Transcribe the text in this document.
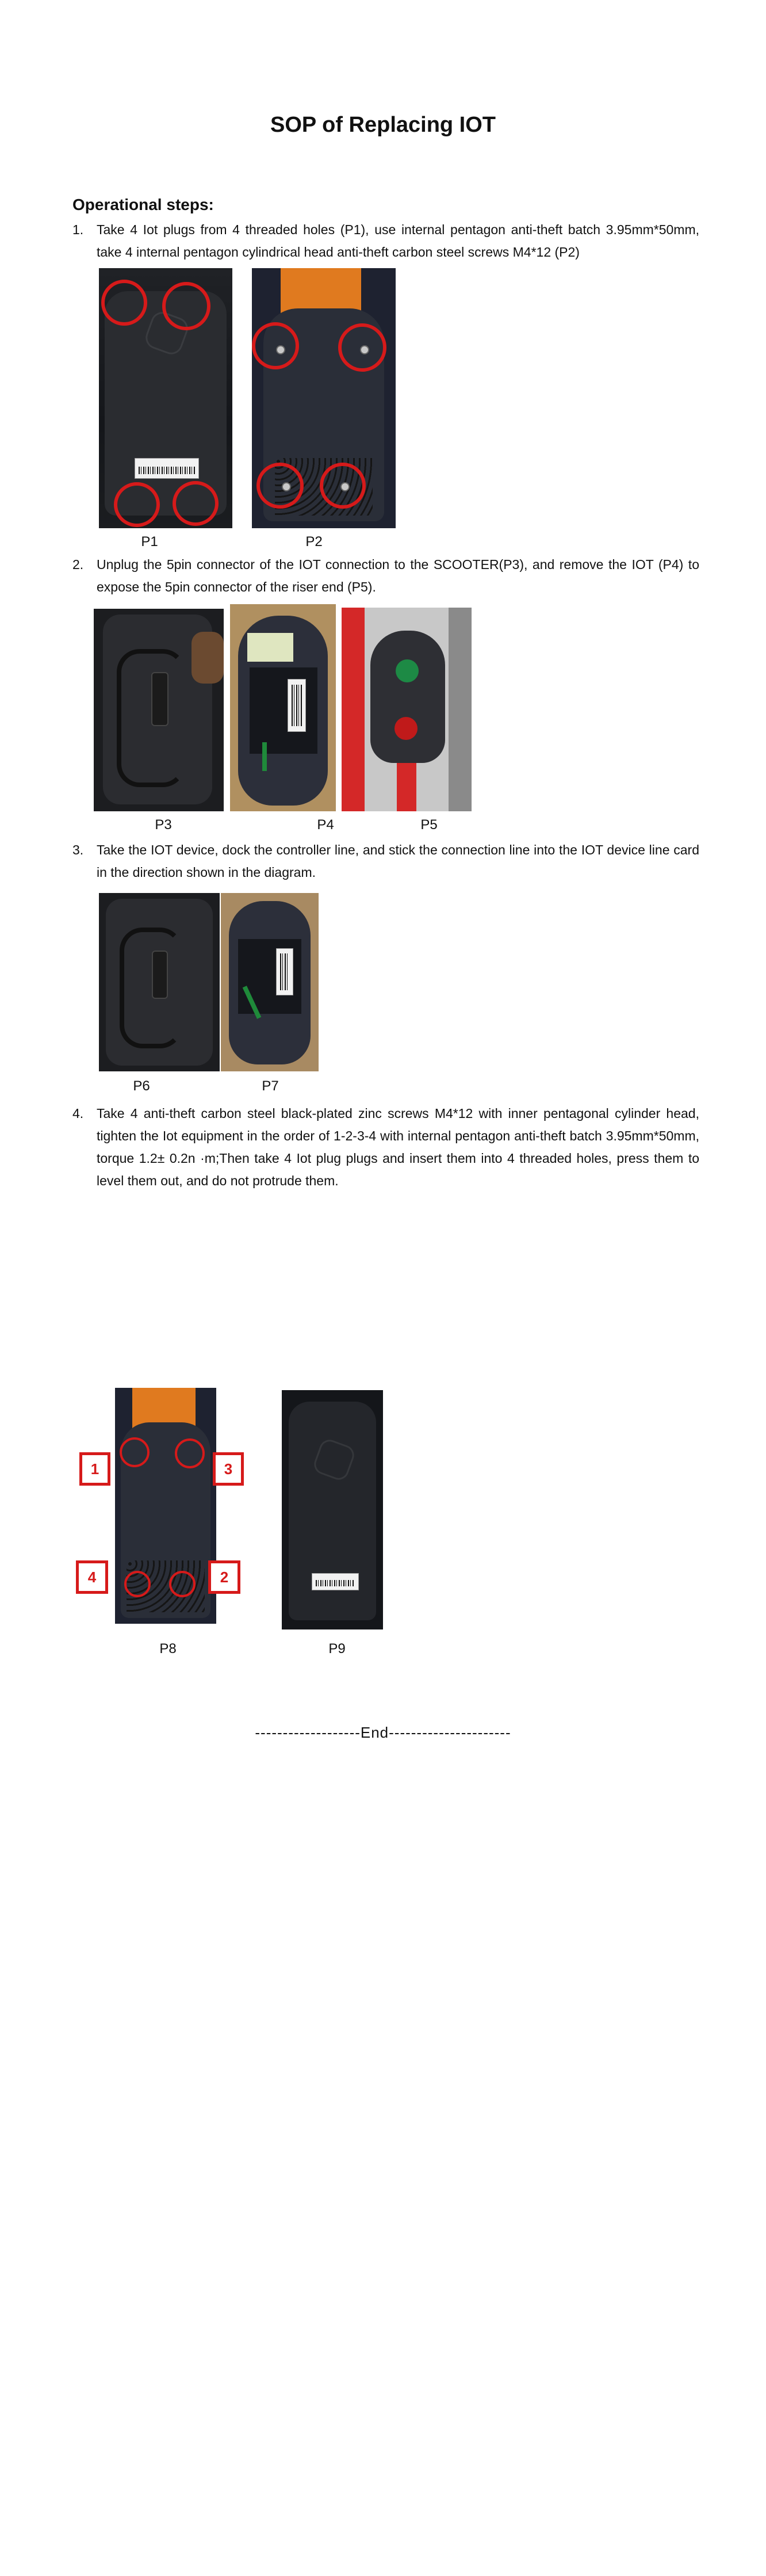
SOP of Replacing IOT
Operational steps:
1. Take 4 Iot plugs from 4 threaded holes (P1), use internal pentagon anti-theft batch 3.95mm*50mm, take 4 internal pentagon cylindrical head anti-theft carbon steel screws M4*12 (P2)
P1	P2
2. Unplug the 5pin connector of the IOT connection to the SCOOTER(P3), and remove the IOT (P4) to expose the 5pin connector of the riser end (P5).
P3	P4	P5
3. Take the IOT device, dock the controller line, and stick the connection line into the IOT device line card in the direction shown in the diagram.
P6	P7
4. Take 4 anti-theft carbon steel black-plated zinc screws M4*12 with inner pentagonal cylinder head, tighten the Iot equipment in the order of 1-2-3-4 with internal pentagon anti-theft batch 3.95mm*50mm, torque 1.2± 0.2n ·m;Then take 4 Iot plug plugs and insert them into 4 threaded holes, press them to level them out, and do not protrude them.
1	3
4	2
P8	P9
-------------------End----------------------
